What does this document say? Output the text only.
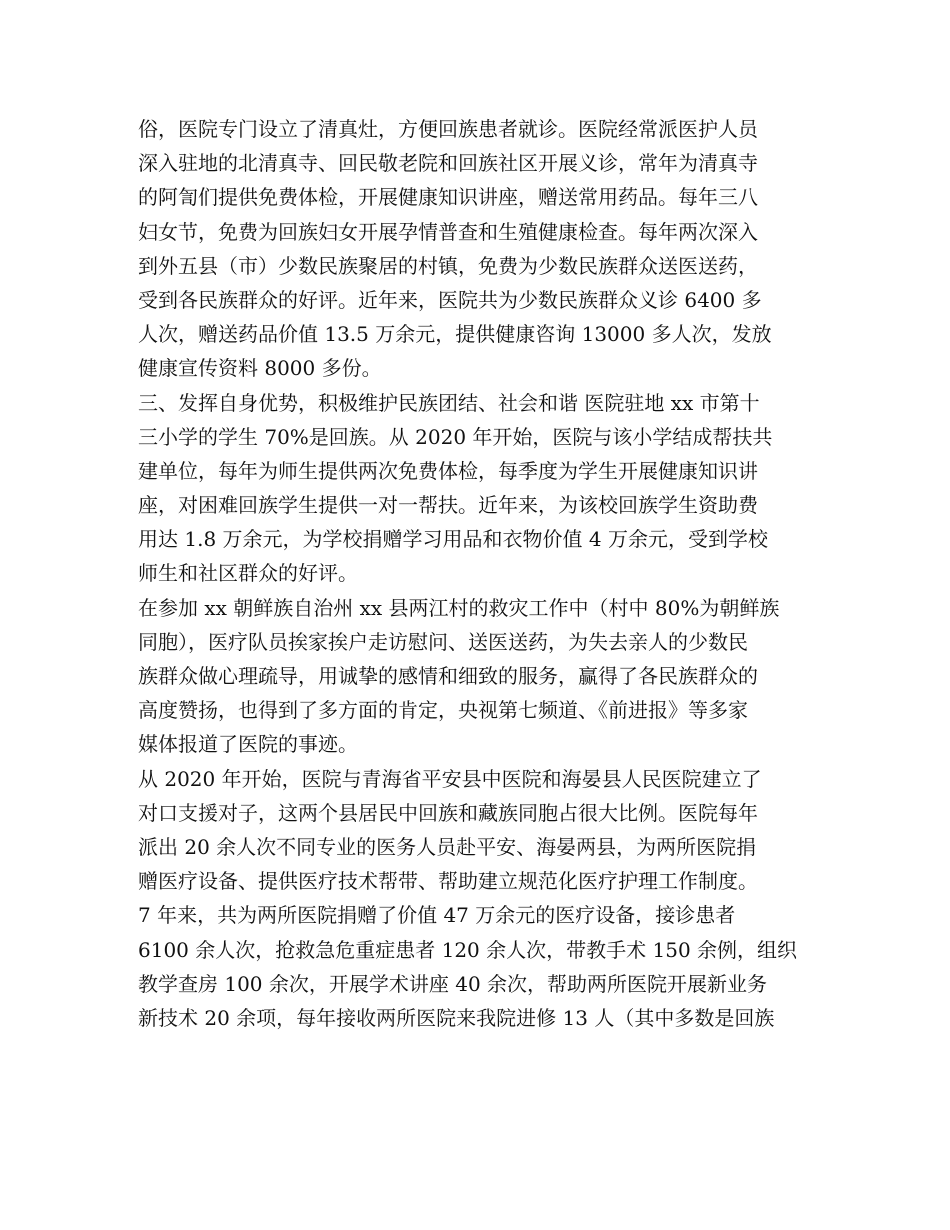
俗，医院专门设立了清真灶，方便回族患者就诊。医院经常派医护人员
深入驻地的北清真寺、回民敬老院和回族社区开展义诊，常年为清真寺
的阿訇们提供免费体检，开展健康知识讲座，赠送常用药品。每年三八
妇女节，免费为回族妇女开展孕情普查和生殖健康检查。每年两次深入
到外五县（市）少数民族聚居的村镇，免费为少数民族群众送医送药，
受到各民族群众的好评。近年来，医院共为少数民族群众义诊 6400 多
人次，赠送药品价值 13.5 万余元，提供健康咨询 13000 多人次，发放
健康宣传资料 8000 多份。
三、发挥自身优势，积极维护民族团结、社会和谐 医院驻地 xx 市第十
三小学的学生 70%是回族。从 2020 年开始，医院与该小学结成帮扶共
建单位，每年为师生提供两次免费体检，每季度为学生开展健康知识讲
座，对困难回族学生提供一对一帮扶。近年来，为该校回族学生资助费
用达 1.8 万余元，为学校捐赠学习用品和衣物价值 4 万余元，受到学校
师生和社区群众的好评。
在参加 xx 朝鲜族自治州 xx 县两江村的救灾工作中（村中 80%为朝鲜族
同胞），医疗队员挨家挨户走访慰问、送医送药，为失去亲人的少数民
族群众做心理疏导，用诚挚的感情和细致的服务，赢得了各民族群众的
高度赞扬，也得到了多方面的肯定，央视第七频道、《前进报》等多家
媒体报道了医院的事迹。
从 2020 年开始，医院与青海省平安县中医院和海晏县人民医院建立了
对口支援对子，这两个县居民中回族和藏族同胞占很大比例。医院每年
派出 20 余人次不同专业的医务人员赴平安、海晏两县，为两所医院捐
赠医疗设备、提供医疗技术帮带、帮助建立规范化医疗护理工作制度。
7 年来，共为两所医院捐赠了价值 47 万余元的医疗设备，接诊患者
6100 余人次，抢救急危重症患者 120 余人次，带教手术 150 余例，组织
教学查房 100 余次，开展学术讲座 40 余次，帮助两所医院开展新业务
新技术 20 余项，每年接收两所医院来我院进修 13 人（其中多数是回族
